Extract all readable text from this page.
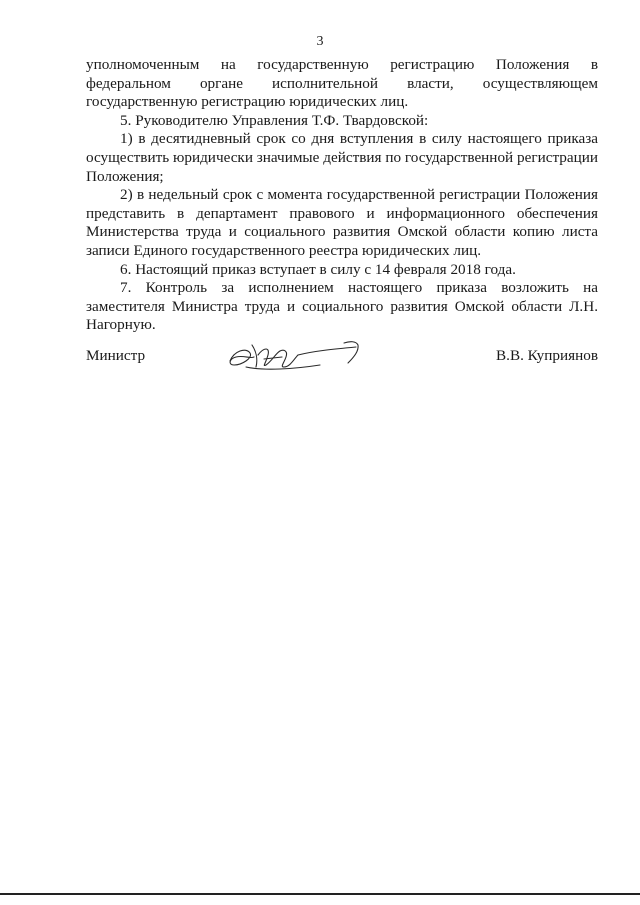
3

уполномоченным на государственную регистрацию Положения в федеральном органе исполнительной власти, осуществляющем государственную регистрацию юридических лиц.

5. Руководителю Управления Т.Ф. Твардовской:

1) в десятидневный срок со дня вступления в силу настоящего приказа осуществить юридически значимые действия по государственной регистрации Положения;

2) в недельный срок с момента государственной регистрации Положения представить в департамент правового и информационного обеспечения Министерства труда и социального развития Омской области копию листа записи Единого государственного реестра юридических лиц.

6. Настоящий приказ вступает в силу с 14 февраля 2018 года.

7. Контроль за исполнением настоящего приказа возложить на заместителя Министра труда и социального развития Омской области Л.Н. Нагорную.

Министр	В.В. Куприянов
